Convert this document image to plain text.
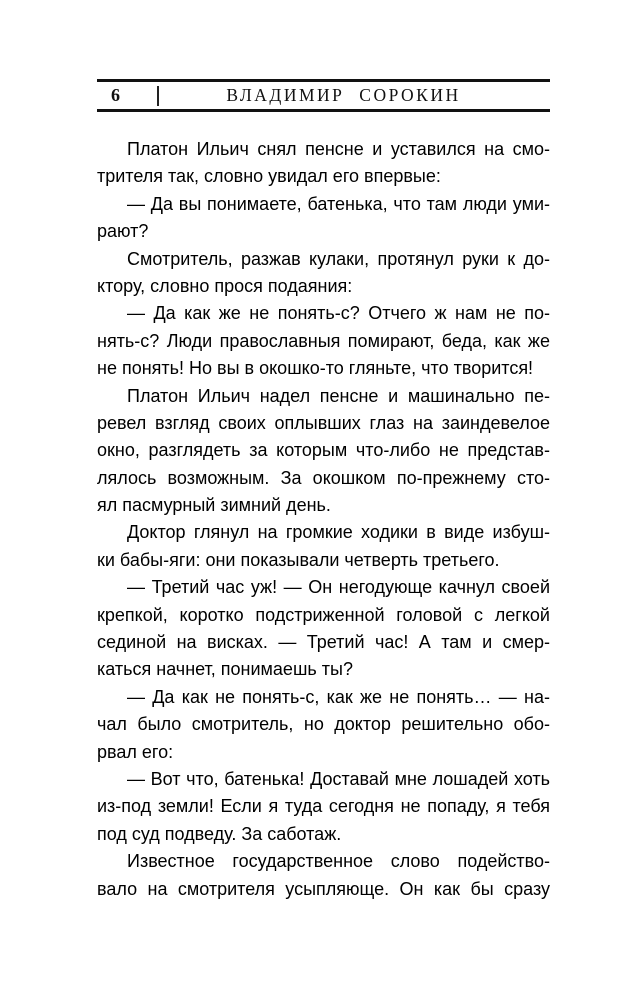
6	ВЛАДИМИР СОРОКИН
Платон Ильич снял пенсне и уставился на смо-
трителя так, словно увидал его впервые:
— Да вы понимаете, батенька, что там люди уми-
рают?
Смотритель, разжав кулаки, протянул руки к до-
ктору, словно прося подаяния:
— Да как же не понять-с? Отчего ж нам не по-
нять-с? Люди православныя помирают, беда, как же
не понять! Но вы в окошко-то гляньте, что творится!
Платон Ильич надел пенсне и машинально пе-
ревел взгляд своих оплывших глаз на заиндевелое
окно, разглядеть за которым что-либо не представ-
лялось возможным. За окошком по-прежнему сто-
ял пасмурный зимний день.
Доктор глянул на громкие ходики в виде избуш-
ки бабы-яги: они показывали четверть третьего.
— Третий час уж! — Он негодующе качнул своей
крепкой, коротко подстриженной головой с легкой
сединой на висках. — Третий час! А там и смер-
каться начнет, понимаешь ты?
— Да как не понять-с, как же не понять… — на-
чал было смотритель, но доктор решительно обо-
рвал его:
— Вот что, батенька! Доставай мне лошадей хоть
из-под земли! Если я туда сегодня не попаду, я тебя
под суд подведу. За саботаж.
Известное государственное слово подейство-
вало на смотрителя усыпляюще. Он как бы сразу
